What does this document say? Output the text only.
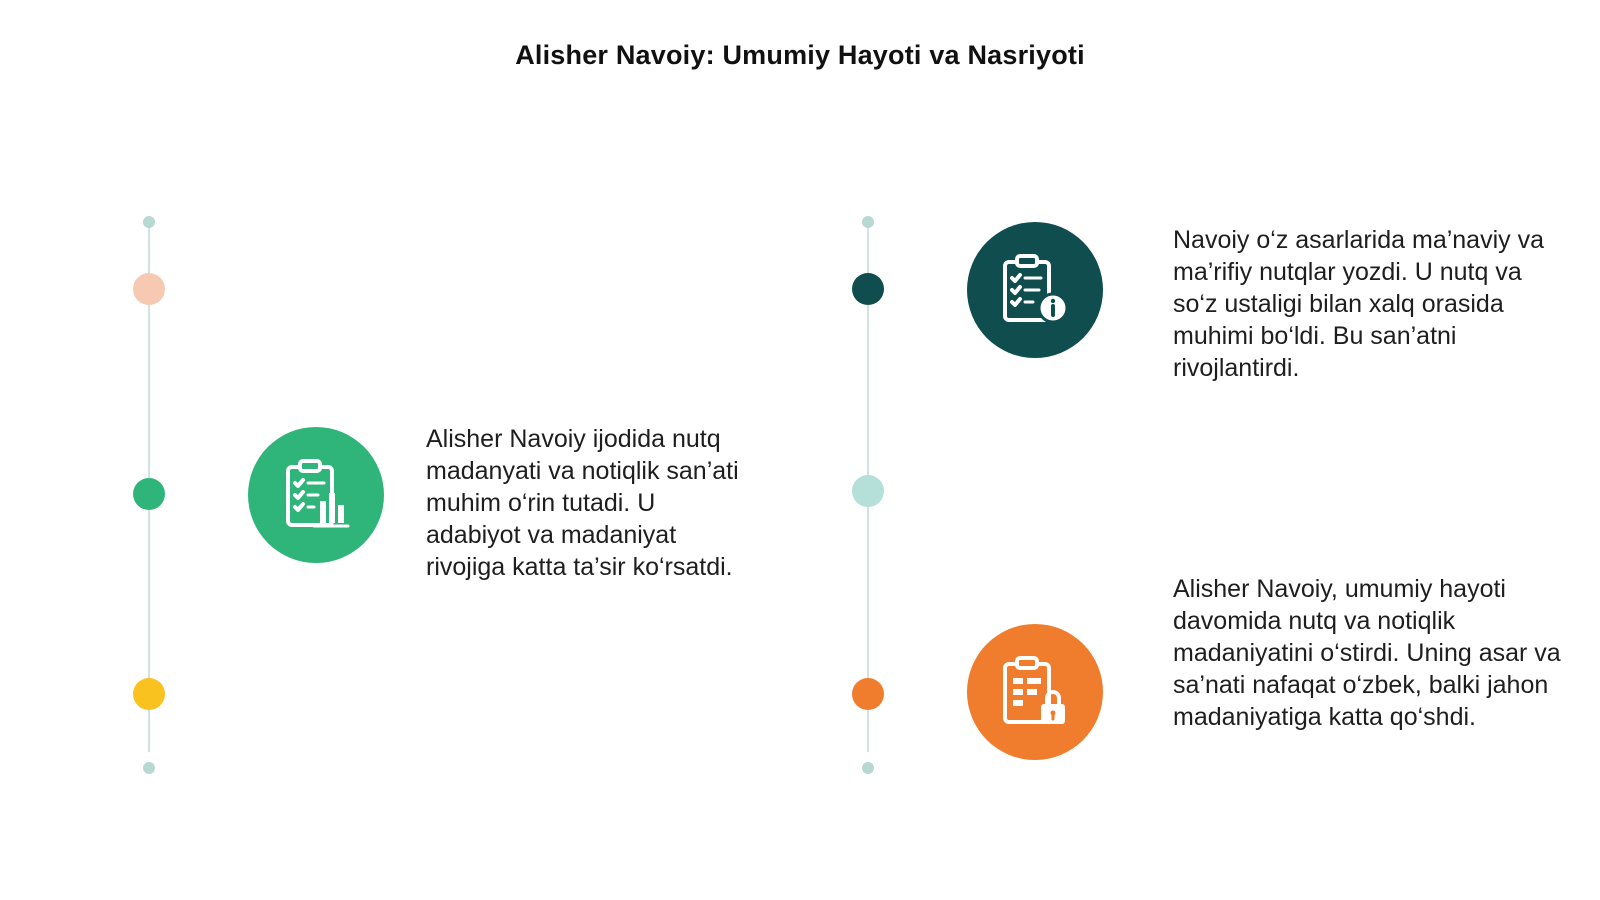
Alisher Navoiy: Umumiy Hayoti va Nasriyoti
Alisher Navoiy ijodida nutq madanyati va notiqlik san’ati muhim o‘rin tutadi. U adabiyot va madaniyat rivojiga katta ta’sir ko‘rsatdi.
Navoiy o‘z asarlarida ma’naviy va ma’rifiy nutqlar yozdi. U nutq va so‘z ustaligi bilan xalq orasida muhimi bo‘ldi. Bu san’atni rivojlantirdi.
Alisher Navoiy, umumiy hayoti davomida nutq va notiqlik madaniyatini o‘stirdi. Uning asar va sa’nati nafaqat o‘zbek, balki jahon madaniyatiga katta qo‘shdi.
